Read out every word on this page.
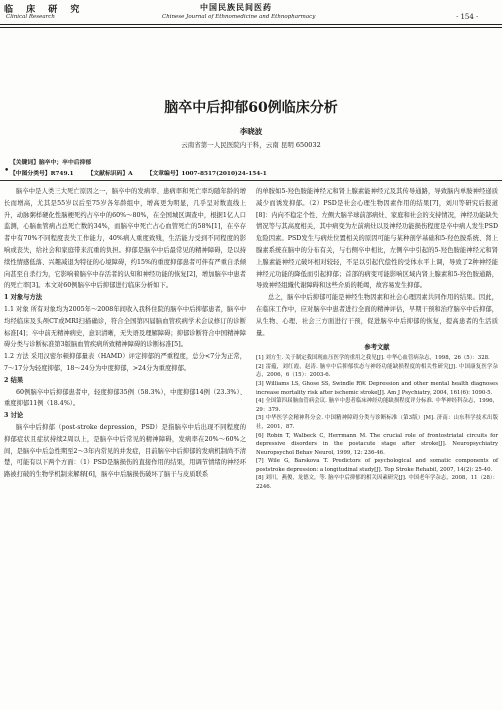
临 床 研 究
Clinical Research
中国民族民间医药
Chinese Journal of Ethnomedicine and Ethnopharmacy	· 154 ·
脑卒中后抑郁60例临床分析
李晓波
云南省第一人民医院内干科，云南 昆明 650032
【关键词】脑卒中；卒中后抑郁
• 【中图分类号】R749.1 【文献标识码】A 【文章编号】1007-8517(2010)24-154-1

脑卒中是人类三大死亡原因之一，脑卒中的发病率、患病率和死亡率均随年龄的增长而增高，尤其是55岁以后至75岁各年龄组中，增高更为明显，几乎呈对数直线上升，动脉粥样硬化性脑梗死约占卒中的60%～80%，在全国城区调查中，根据1亿人口监测，心脑血管病占总死亡数的34%，而脑卒中死亡占心血管死亡的58%[1]，在卒存者中有70%不同程度丧失工作能力，40%病人重度致残，生活能力受到不同程度的影响或丧失，给社会和家庭带来沉重的负担。抑郁是脑卒中后最常见的精神障碍，是以持续性情感低落、兴趣减退为特征的心境障碍，约15%的重度抑郁患者可伴有严重自杀倾向甚至自杀行为，它影响着脑卒中存活者的认知和神经功能的恢复[2]，增加脑卒中患者的死亡率[3]。本文对60例脑卒中后抑郁进行临床分析如下。

1 对象与方法

1.1 对象 所有对象均为2005年～2008年间收入我科住院的脑卒中后抑郁患者，脑卒中均经临床及头颅CT或MRI扫描确诊，符合全国第四届脑血管疾病学术会议修订的诊断标准[4]；卒中前无精神病史，意识清晰，无失语及理解障碍；抑郁诊断符合中国精神障碍分类与诊断标准第3版脑血管疾病所致精神障碍的诊断标准[5]。

1.2 方法 采用汉密尔顿抑郁量表（HAMD）评定抑郁的严重程度，总分<7分为正常，7～17分为轻度抑郁，18～24分为中度抑郁，>24分为重度抑郁。

2 结果

60例脑卒中后抑郁患者中，轻度抑郁35例（58.3%），中度抑郁14例（23.3%）、重度抑郁11例（18.4%）。

3 讨论

脑卒中后抑郁（post-stroke depression，PSD）是指脑卒中后出现不同程度的抑郁症状且症状持续2周以上，是脑卒中后常见的精神障碍，发病率在20%～60%之间，是脑卒中后急性期至2～3年内常见的并发症，目前脑卒中后抑郁的发病机制尚不清楚，可能有以下两个方面：（1）PSD是脑损伤的直接作用的结果，用调节情绪的神经环路被打破的生物学机制来解释[6]，脑卒中后脑损伤破坏了脑干与皮质联系

的单胺如5-羟色胺能神经元和肾上腺素能神经元及其传导通路，导致脑内单胺神经递质减少而诱发抑郁。（2）PSD是社会心理生物因素作用的结果[7]，刘川等研究后报道[8]：内向不稳定个性、左侧大脑半球前部病灶、家庭和社会的支持情况，神经功能缺失情况等与其高度相关，其中病变为左前病灶以及神经功能损伤程度是卒中病人发生PSD危险因素。PSD发生与病灶位置相关的原因可能与某种剖学基础和5-羟色胺系统、肾上腺素系统在脑中的分布有关，与右侧卒中相比，左侧卒中引起的5-羟色胺能神经元和肾上腺素能神经元破坏相对较轻，不足以引起代偿性的受体水平上调，导致了2种神经能神经元功能的降低而引起抑郁；首部的病变可能影响区域内肾上腺素和5-羟色胺通路，导致神经组織代谢障碍和这些介质的耗竭，故容易发生抑郁。

总之，脑卒中后抑郁可能是神经生物因素和社会心理因素共同作用的结果。因此，在临床工作中，应对脑卒中患者进行全面的精神评估，早期干预和治疗脑卒中后抑郁，从生物、心理、社会三方面进行干预，促进脑卒中后抑郁的恢复，提高患者的生活质量。

参考文献
[1] 刘方生. 关于制定我国现血压医学的重用之我见[J]. 中华心血管病杂志，1998，26（5）：328.
[2] 雷蕴，刘红霞，赵涛. 脑卒中后抑郁状态与神经功能缺损程度的相关性研究[J]. 中国康复医学杂志，2006，6（15）：2003-6.
[3] Williams LS, Ghose SS, Swindle RW. Depression and other mental health diagnoses increase mortality risk after ischemic stroke[J]. Am J Psychiatry, 2004, 161(6): 1090-5.
[4] 全国第四届脑血管病会议. 脑卒中患者临床神经功能缺损程度评分标准. 中华神经科杂志，1996，29：379.
[5] 中华医学会精神科分会. 中国精神障碍分类与诊断标准（第3版）[M]. 济南：山东科学技术出版社，2001，87.
[6] Robin T, Walbeck C, Herrmann M. The crucial role of frontostriatal circuits for depressive disorders in the postacute stage after stroke[J]. Neuropsychiatry Neuropsychol Behav Neurol, 1999, 12: 236-46.
[7] Wile G, Barskova T. Predictors of psychological and somatic components of poststroke depression: a longitudinal study[J]. Top Stroke Rehabil, 2007, 14(2): 25-40.
[8] 刘川，燕俊，龙德文，等. 脑卒中后抑郁的相关因素研究[J]. 中国老年学杂志，2008，11（28）：2246.
